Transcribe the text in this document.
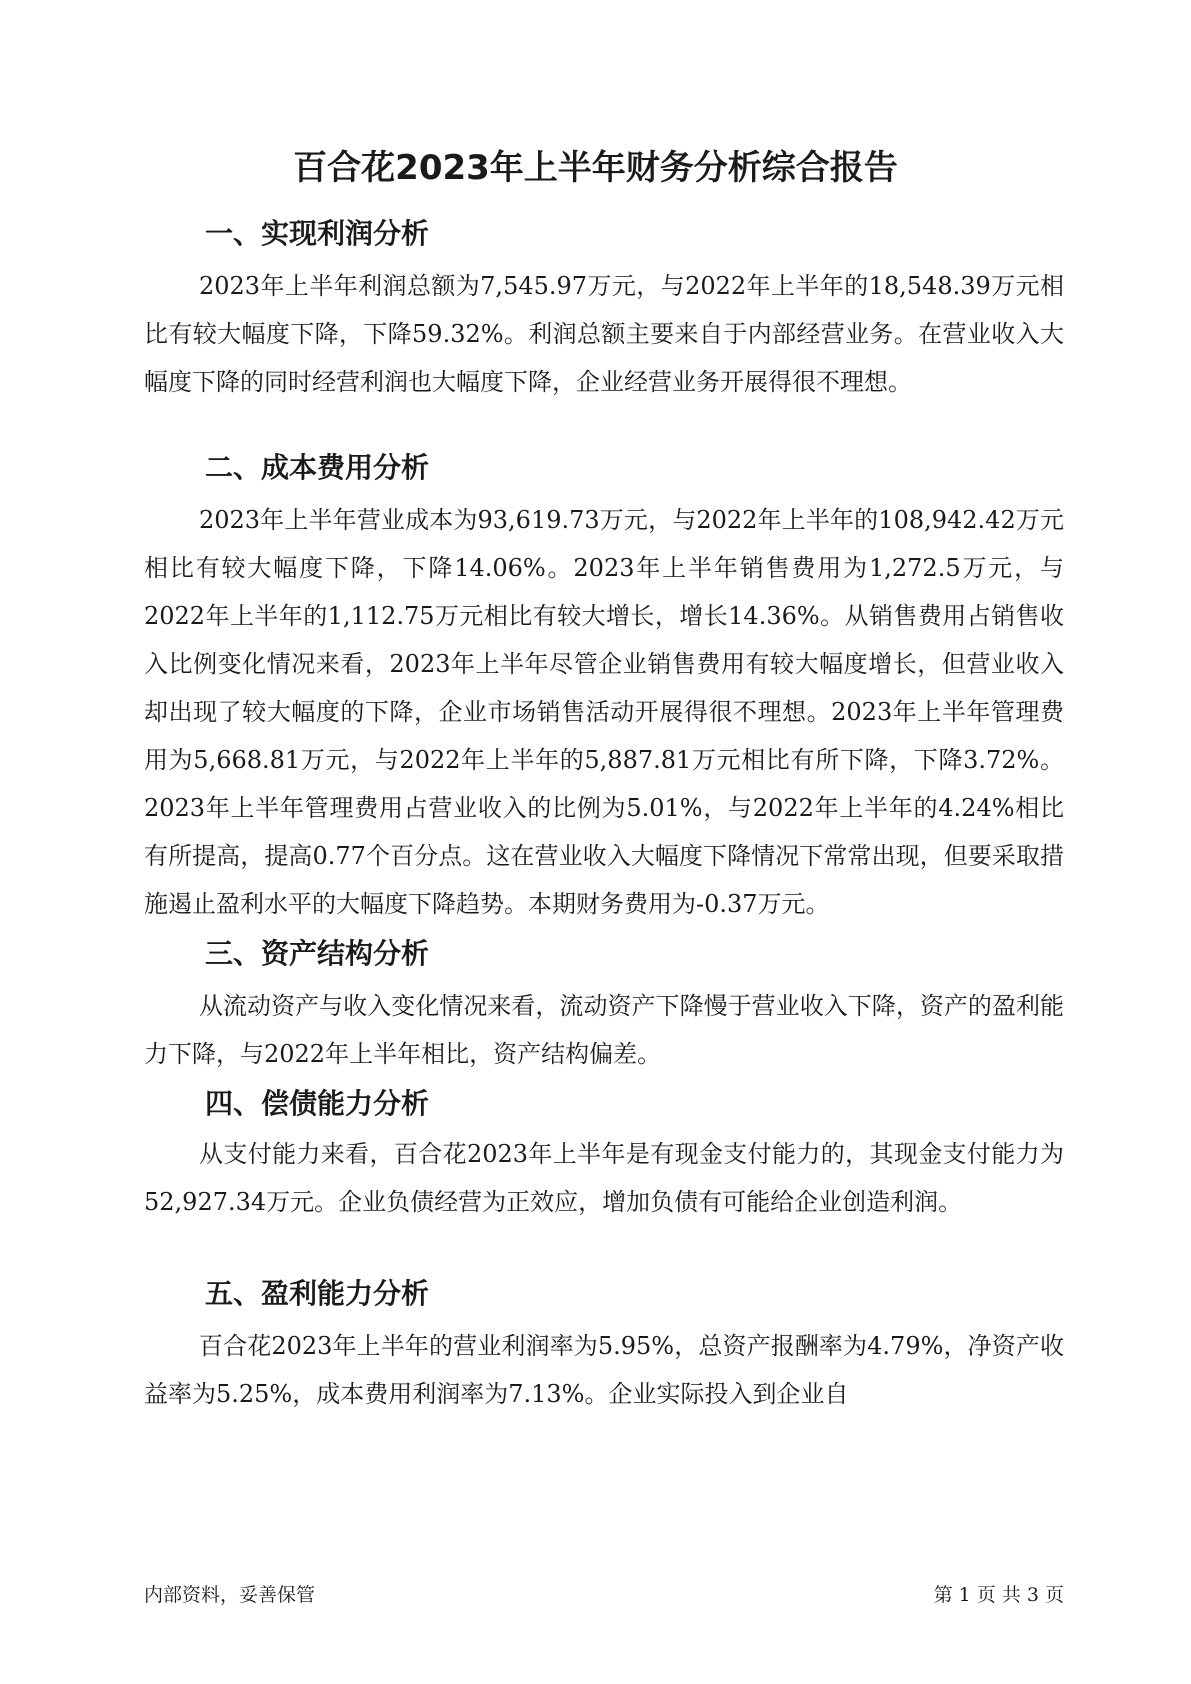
百合花2023年上半年财务分析综合报告
一、实现利润分析
2023年上半年利润总额为7,545.97万元，与2022年上半年的18,548.39万元相比有较大幅度下降，下降59.32%。利润总额主要来自于内部经营业务。在营业收入大幅度下降的同时经营利润也大幅度下降，企业经营业务开展得很不理想。
二、成本费用分析
2023年上半年营业成本为93,619.73万元，与2022年上半年的108,942.42万元相比有较大幅度下降，下降14.06%。2023年上半年销售费用为1,272.5万元，与2022年上半年的1,112.75万元相比有较大增长，增长14.36%。从销售费用占销售收入比例变化情况来看，2023年上半年尽管企业销售费用有较大幅度增长，但营业收入却出现了较大幅度的下降，企业市场销售活动开展得很不理想。2023年上半年管理费用为5,668.81万元，与2022年上半年的5,887.81万元相比有所下降，下降3.72%。2023年上半年管理费用占营业收入的比例为5.01%，与2022年上半年的4.24%相比有所提高，提高0.77个百分点。这在营业收入大幅度下降情况下常常出现，但要采取措施遏止盈利水平的大幅度下降趋势。本期财务费用为-0.37万元。
三、资产结构分析
从流动资产与收入变化情况来看，流动资产下降慢于营业收入下降，资产的盈利能力下降，与2022年上半年相比，资产结构偏差。
四、偿债能力分析
从支付能力来看，百合花2023年上半年是有现金支付能力的，其现金支付能力为52,927.34万元。企业负债经营为正效应，增加负债有可能给企业创造利润。
五、盈利能力分析
百合花2023年上半年的营业利润率为5.95%，总资产报酬率为4.79%，净资产收益率为5.25%，成本费用利润率为7.13%。企业实际投入到企业自
内部资料，妥善保管	第 1 页 共 3 页
